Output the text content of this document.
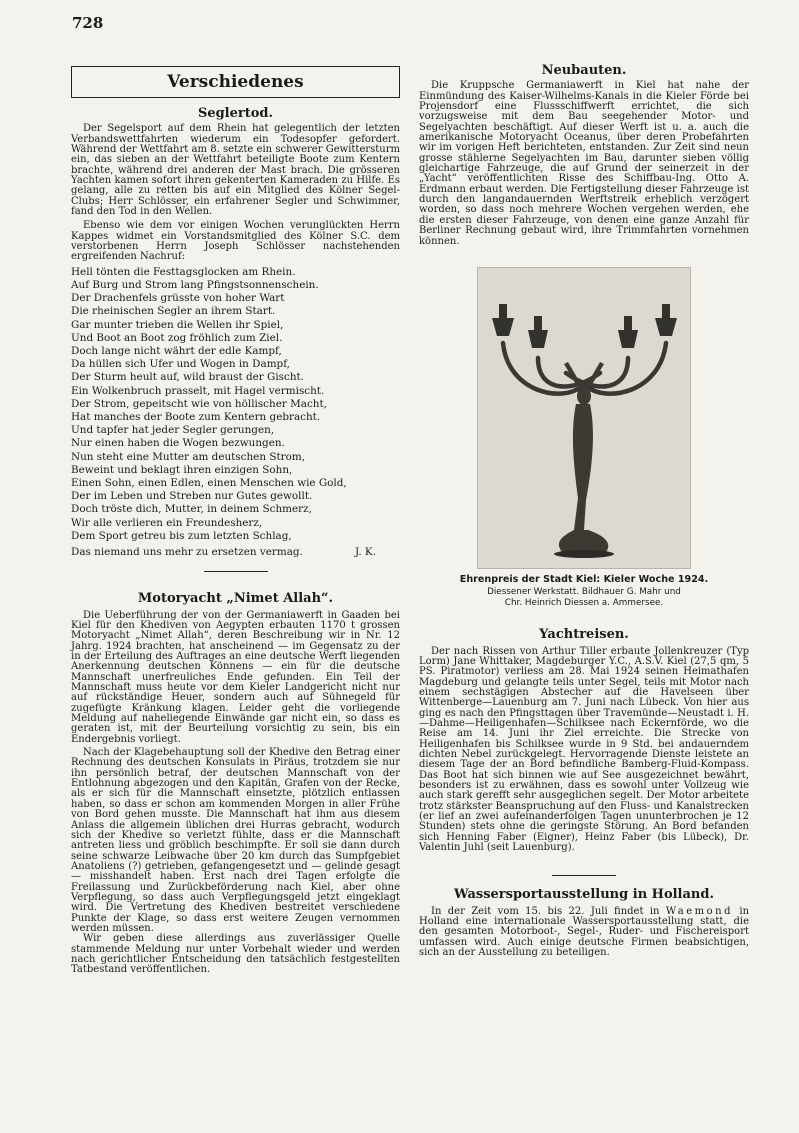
728
Verschiedenes
Seglertod.

Der Segelsport auf dem Rhein hat gelegentlich der letzten Verbandswettfahrten wiederum ein Todesopfer gefordert. Während der Wettfahrt am 8. setzte ein schwerer Gewittersturm ein, das sieben an der Wettfahrt beteiligte Boote zum Kentern brachte, während drei anderen der Mast brach. Die grösseren Yachten kamen sofort ihren gekenterten Kameraden zu Hilfe. Es gelang, alle zu retten bis auf ein Mitglied des Kölner Segel-Clubs; Herr Schlösser, ein erfahrener Segler und Schwimmer, fand den Tod in den Wellen.

Ebenso wie dem vor einigen Wochen verunglückten Herrn Kappes widmet ein Vorstandsmitglied des Kölner S.C. dem verstorbenen Herrn Joseph Schlösser nachstehenden ergreifenden Nachruf:

Hell tönten die Festtagsglocken am Rhein.
Auf Burg und Strom lang Pfingstsonnenschein.
Der Drachenfels grüsste von hoher Wart
Die rheinischen Segler an ihrem Start.
Gar munter trieben die Wellen ihr Spiel,
Und Boot an Boot zog fröhlich zum Ziel.
Doch lange nicht währt der edle Kampf,
Da hüllen sich Ufer und Wogen in Dampf,
Der Sturm heult auf, wild braust der Gischt.
Ein Wolkenbruch prasselt, mit Hagel vermischt.
Der Strom, gepeitscht wie von höllischer Macht,
Hat manches der Boote zum Kentern gebracht.
Und tapfer hat jeder Segler gerungen,
Nur einen haben die Wogen bezwungen.
Nun steht eine Mutter am deutschen Strom,
Beweint und beklagt ihren einzigen Sohn,
Einen Sohn, einen Edlen, einen Menschen wie Gold,
Der im Leben und Streben nur Gutes gewollt.
Doch tröste dich, Mutter, in deinem Schmerz,
Wir alle verlieren ein Freundesherz,
Dem Sport getreu bis zum letzten Schlag,
Das niemand uns mehr zu ersetzen vermag.	J. K.
Motoryacht „Nimet Allah“.

Die Ueberführung der von der Germaniawerft in Gaaden bei Kiel für den Khediven von Aegypten erbauten 1170 t grossen Motoryacht „Nimet Allah“, deren Beschreibung wir in Nr. 12 Jahrg. 1924 brachten, hat anscheinend — im Gegensatz zu der in der Erteilung des Auftrages an eine deutsche Werft liegenden Anerkennung deutschen Könnens — ein für die deutsche Mannschaft unerfreuliches Ende gefunden. Ein Teil der Mannschaft muss heute vor dem Kieler Landgericht nicht nur auf rückständige Heuer, sondern auch auf Sühnegeld für zugefügte Kränkung klagen. Leider geht die vorliegende Meldung auf naheliegende Einwände gar nicht ein, so dass es geraten ist, mit der Beurteilung vorsichtig zu sein, bis ein Endergebnis vorliegt.

Nach der Klagebehauptung soll der Khedive den Betrag einer Rechnung des deutschen Konsulats in Piräus, trotzdem sie nur ihn persönlich betraf, der deutschen Mannschaft von der Entlohnung abgezogen und den Kapitän, Grafen von der Recke, als er sich für die Mannschaft einsetzte, plötzlich entlassen haben, so dass er schon am kommenden Morgen in aller Frühe von Bord gehen musste. Die Mannschaft hat ihm aus diesem Anlass die allgemein üblichen drei Hurras gebracht, wodurch sich der Khedive so verletzt fühlte, dass er die Mannschaft antreten liess und gröblich beschimpfte. Er soll sie dann durch seine schwarze Leibwache über 20 km durch das Sumpfgebiet Anatoliens (?) getrieben, gefangengesetzt und — gelinde gesagt — misshandelt haben. Erst nach drei Tagen erfolgte die Freilassung und Zurückbeförderung nach Kiel, aber ohne Verpflegung, so dass auch Verpflegungsgeld jetzt eingeklagt wird. Die Vertretung des Khediven bestreitet verschiedene Punkte der Klage, so dass erst weitere Zeugen vernommen werden müssen.

Wir geben diese allerdings aus zuverlässiger Quelle stammende Meldung nur unter Vorbehalt wieder und werden nach gerichtlicher Entscheidung den tatsächlich festgestellten Tatbestand veröffentlichen.

Neubauten.

Die Kruppsche Germaniawerft in Kiel hat nahe der Einmündung des Kaiser-Wilhelms-Kanals in die Kieler Förde bei Projensdorf eine Flussschiffwerft errichtet, die sich vorzugsweise mit dem Bau seegehender Motor- und Segelyachten beschäftigt. Auf dieser Werft ist u. a. auch die amerikanische Motoryacht Oceanus, über deren Probefahrten wir im vorigen Heft berichteten, entstanden. Zur Zeit sind neun grosse stählerne Segelyachten im Bau, darunter sieben völlig gleichartige Fahrzeuge, die auf Grund der seinerzeit in der „Yacht“ veröffentlichten Risse des Schiffbau-Ing. Otto A. Erdmann erbaut werden. Die Fertigstellung dieser Fahrzeuge ist durch den langandauernden Werftstreik erheblich verzögert worden, so dass noch mehrere Wochen vergehen werden, ehe die ersten dieser Fahrzeuge, von denen eine ganze Anzahl für Berliner Rechnung gebaut wird, ihre Trimmfahrten vornehmen können.

Ehrenpreis der Stadt Kiel: Kieler Woche 1924.
Diessener Werkstatt. Bildhauer G. Mahr und
Chr. Heinrich Diessen a. Ammersee.
Yachtreisen.

Der nach Rissen von Arthur Tiller erbaute Jollenkreuzer (Typ Lorm) Jane Whittaker, Magdeburger Y.C., A.S.V. Kiel (27,5 qm, 5 PS. Piratmotor) verliess am 28. Mai 1924 seinen Heimathafen Magdeburg und gelangte teils unter Segel, teils mit Motor nach einem sechstägigen Abstecher auf die Havelseen über Wittenberge—Lauenburg am 7. Juni nach Lübeck. Von hier aus ging es nach den Pfingsttagen über Travemünde—Neustadt i. H.—Dahme—Heiligenhafen—Schilksee nach Eckernförde, wo die Reise am 14. Juni ihr Ziel erreichte. Die Strecke von Heiligenhafen bis Schilksee wurde in 9 Std. bei andauerndem dichten Nebel zurückgelegt. Hervorragende Dienste leistete an diesem Tage der an Bord befindliche Bamberg-Fluid-Kompass. Das Boot hat sich binnen wie auf See ausgezeichnet bewährt, besonders ist zu erwähnen, dass es sowohl unter Vollzeug wie auch stark gerefft sehr ausgeglichen segelt. Der Motor arbeitete trotz stärkster Beanspruchung auf den Fluss- und Kanalstrecken (er lief an zwei aufeinanderfolgen Tagen ununterbrochen je 12 Stunden) stets ohne die geringste Störung. An Bord befanden sich Henning Faber (Eigner), Heinz Faber (bis Lübeck), Dr. Valentin Juhl (seit Lauenburg).

Wassersportausstellung in Holland.

In der Zeit vom 15. bis 22. Juli findet in Waemond in Holland eine internationale Wassersportausstellung statt, die den gesamten Motorboot-, Segel-, Ruder- und Fischereisport umfassen wird. Auch einige deutsche Firmen beabsichtigen, sich an der Ausstellung zu beteiligen.
